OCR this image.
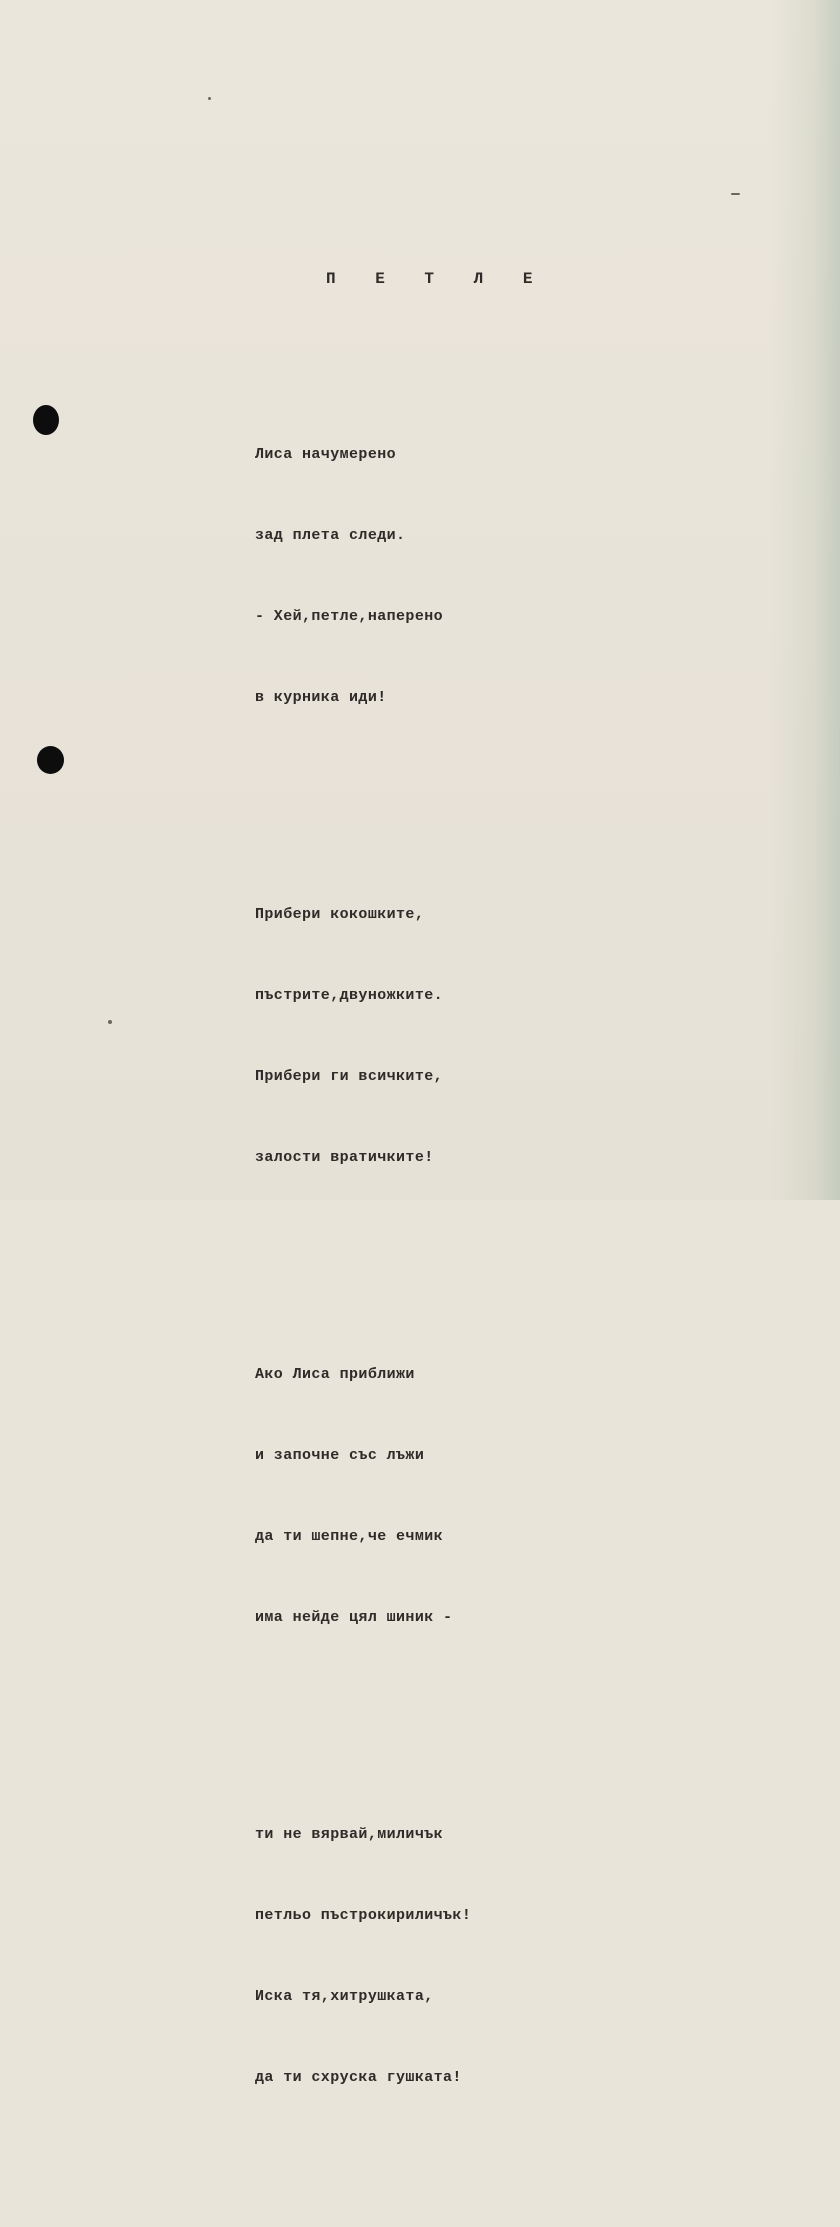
П Е Т Л Е

Лиса начумерено

зад плета следи.

- Хей,петле,наперено

в курника иди!

Прибери кокошките,

пъстрите,двуножките.

Прибери ги всичките,

залости вратичките!

Ако Лиса приближи

и започне със лъжи

да ти шепне,че ечмик

има нейде цял шиник -

ти не вярвай,миличък

петльо пъстрокириличък!

Иска тя,хитрушката,

да ти схруска гушката!
